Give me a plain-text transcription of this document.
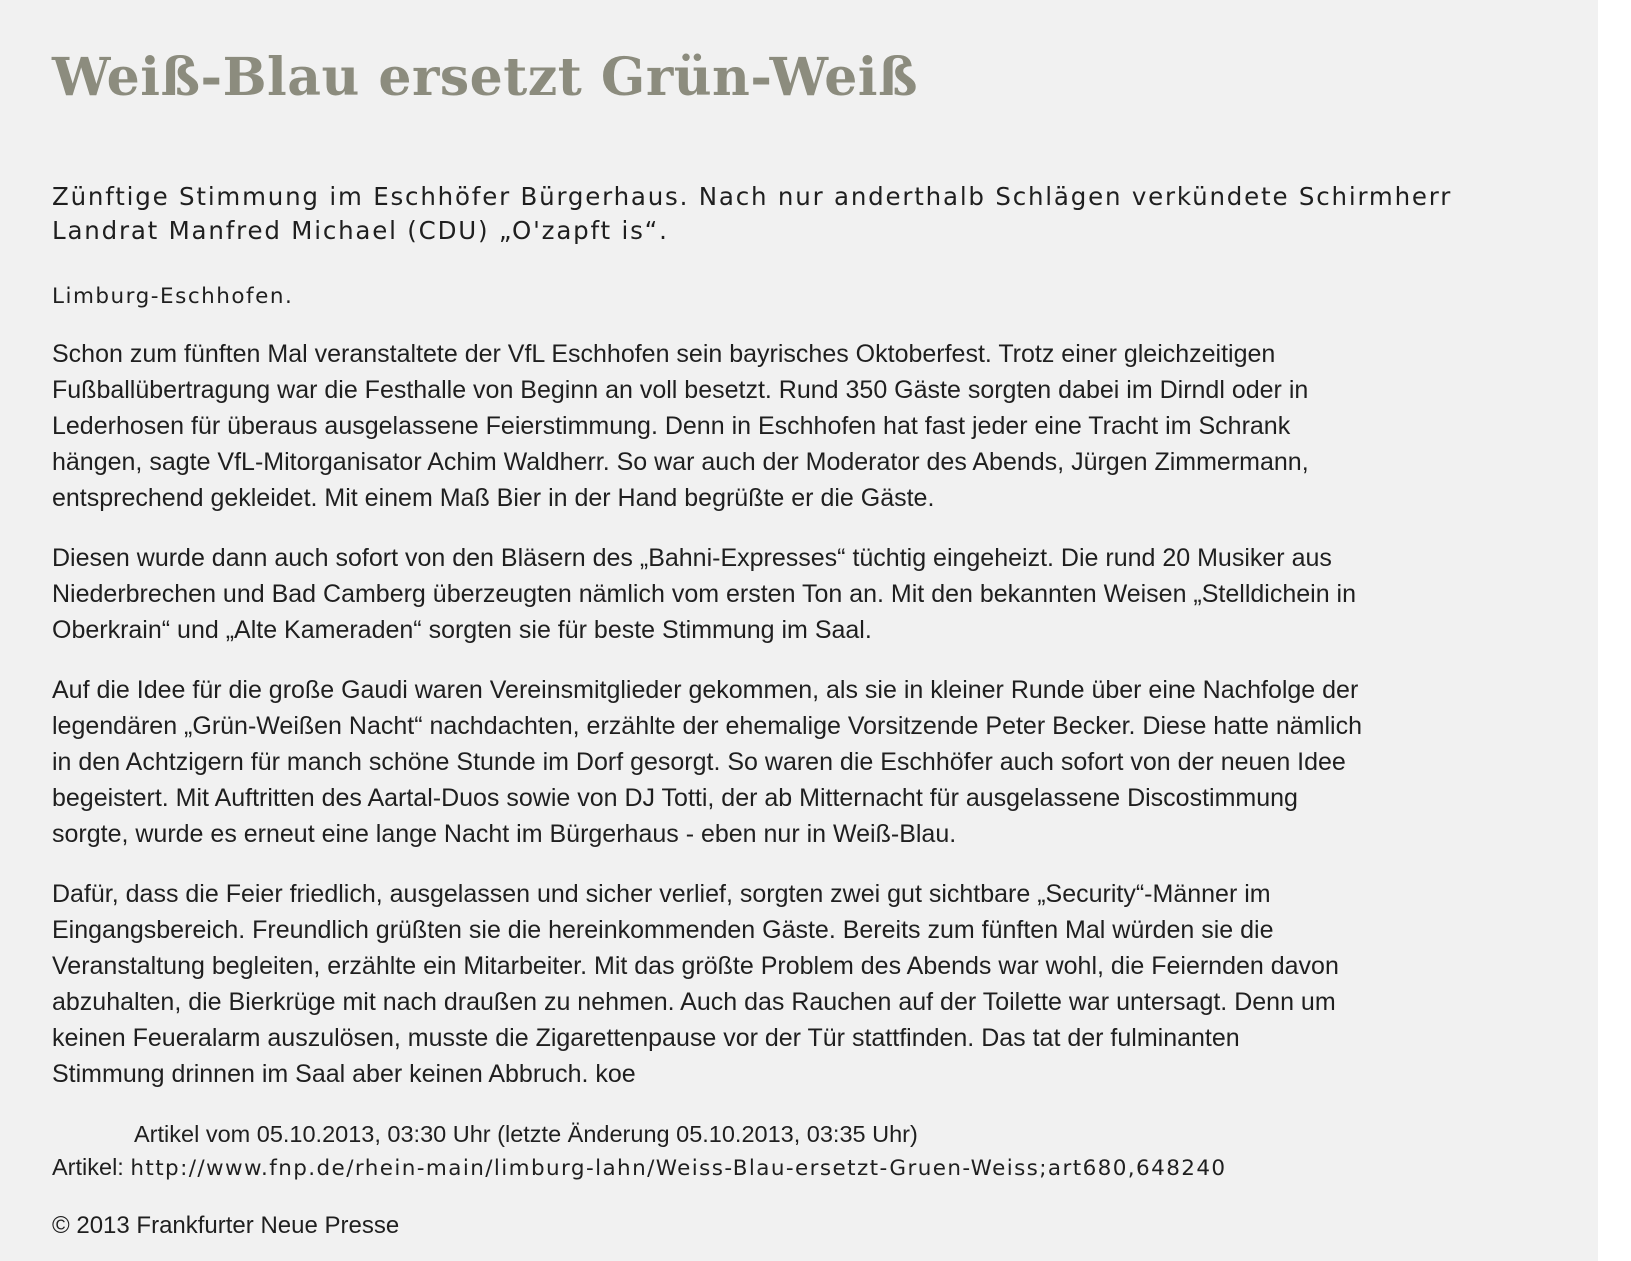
Weiß-Blau ersetzt Grün-Weiß

Zünftige Stimmung im Eschhöfer Bürgerhaus. Nach nur anderthalb Schlägen verkündete Schirmherr
Landrat Manfred Michael (CDU) „O'zapft is“.

Limburg-Eschhofen.

Schon zum fünften Mal veranstaltete der VfL Eschhofen sein bayrisches Oktoberfest. Trotz einer gleichzeitigen
Fußballübertragung war die Festhalle von Beginn an voll besetzt. Rund 350 Gäste sorgten dabei im Dirndl oder in
Lederhosen für überaus ausgelassene Feierstimmung. Denn in Eschhofen hat fast jeder eine Tracht im Schrank
hängen, sagte VfL-Mitorganisator Achim Waldherr. So war auch der Moderator des Abends, Jürgen Zimmermann,
entsprechend gekleidet. Mit einem Maß Bier in der Hand begrüßte er die Gäste.

Diesen wurde dann auch sofort von den Bläsern des „Bahni-Expresses“ tüchtig eingeheizt. Die rund 20 Musiker aus
Niederbrechen und Bad Camberg überzeugten nämlich vom ersten Ton an. Mit den bekannten Weisen „Stelldichein in
Oberkrain“ und „Alte Kameraden“ sorgten sie für beste Stimmung im Saal.

Auf die Idee für die große Gaudi waren Vereinsmitglieder gekommen, als sie in kleiner Runde über eine Nachfolge der
legendären „Grün-Weißen Nacht“ nachdachten, erzählte der ehemalige Vorsitzende Peter Becker. Diese hatte nämlich
in den Achtzigern für manch schöne Stunde im Dorf gesorgt. So waren die Eschhöfer auch sofort von der neuen Idee
begeistert. Mit Auftritten des Aartal-Duos sowie von DJ Totti, der ab Mitternacht für ausgelassene Discostimmung
sorgte, wurde es erneut eine lange Nacht im Bürgerhaus - eben nur in Weiß-Blau.

Dafür, dass die Feier friedlich, ausgelassen und sicher verlief, sorgten zwei gut sichtbare „Security“-Männer im
Eingangsbereich. Freundlich grüßten sie die hereinkommenden Gäste. Bereits zum fünften Mal würden sie die
Veranstaltung begleiten, erzählte ein Mitarbeiter. Mit das größte Problem des Abends war wohl, die Feiernden davon
abzuhalten, die Bierkrüge mit nach draußen zu nehmen. Auch das Rauchen auf der Toilette war untersagt. Denn um
keinen Feueralarm auszulösen, musste die Zigarettenpause vor der Tür stattfinden. Das tat der fulminanten
Stimmung drinnen im Saal aber keinen Abbruch. koe

Artikel vom 05.10.2013, 03:30 Uhr (letzte Änderung 05.10.2013, 03:35 Uhr)

Artikel: http://www.fnp.de/rhein-main/limburg-lahn/Weiss-Blau-ersetzt-Gruen-Weiss;art680,648240

© 2013 Frankfurter Neue Presse
